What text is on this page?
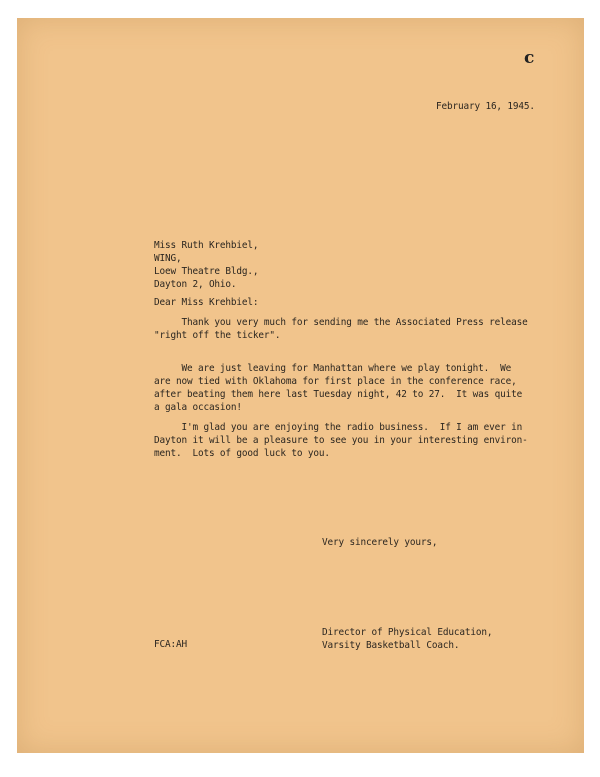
c

February 16, 1945.

Miss Ruth Krehbiel,
WING,
Loew Theatre Bldg.,
Dayton 2, Ohio.

Dear Miss Krehbiel:

Thank you very much for sending me the Associated Press release
"right off the ticker".

We are just leaving for Manhattan where we play tonight.  We
are now tied with Oklahoma for first place in the conference race,
after beating them here last Tuesday night, 42 to 27.  It was quite
a gala occasion!

I'm glad you are enjoying the radio business.  If I am ever in
Dayton it will be a pleasure to see you in your interesting environ-
ment.  Lots of good luck to you.

Very sincerely yours,

Director of Physical Education,
Varsity Basketball Coach.

FCA:AH
